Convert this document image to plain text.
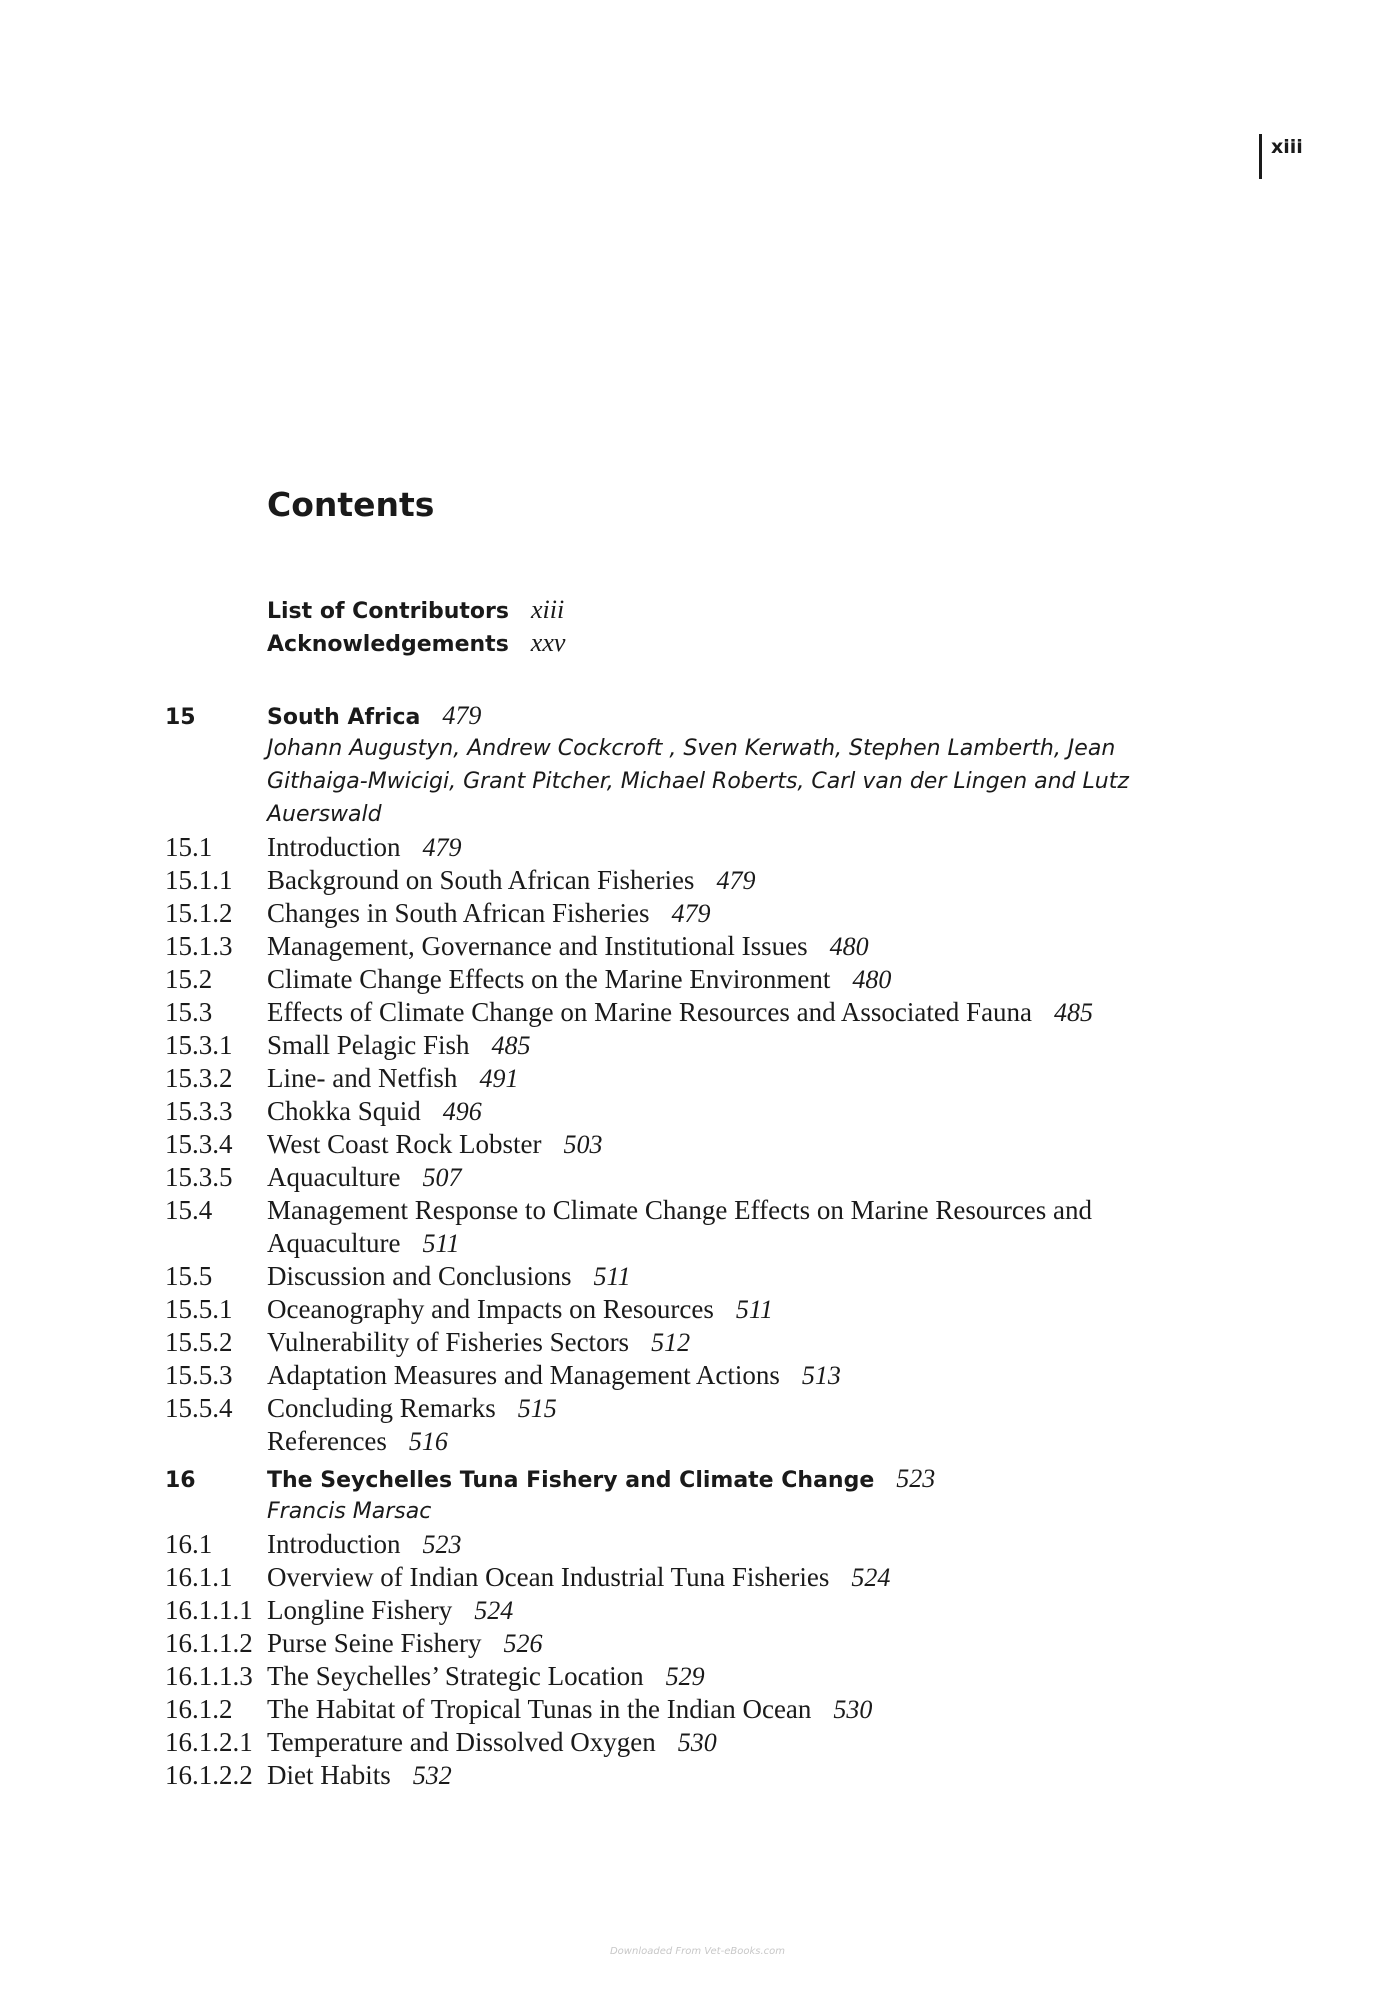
xiii
Contents
List of Contributors xiii
Acknowledgements xxv
15	South Africa 479
Johann Augustyn, Andrew Cockcroft , Sven Kerwath, Stephen Lamberth, Jean Githaiga-Mwicigi, Grant Pitcher, Michael Roberts, Carl van der Lingen and Lutz Auerswald
15.1 Introduction 479
15.1.1 Background on South African Fisheries 479
15.1.2 Changes in South African Fisheries 479
15.1.3 Management, Governance and Institutional Issues 480
15.2 Climate Change Effects on the Marine Environment 480
15.3 Effects of Climate Change on Marine Resources and Associated Fauna 485
15.3.1 Small Pelagic Fish 485
15.3.2 Line- and Netfish 491
15.3.3 Chokka Squid 496
15.3.4 West Coast Rock Lobster 503
15.3.5 Aquaculture 507
15.4 Management Response to Climate Change Effects on Marine Resources and Aquaculture 511
15.5 Discussion and Conclusions 511
15.5.1 Oceanography and Impacts on Resources 511
15.5.2 Vulnerability of Fisheries Sectors 512
15.5.3 Adaptation Measures and Management Actions 513
15.5.4 Concluding Remarks 515
References 516
16	The Seychelles Tuna Fishery and Climate Change 523
Francis Marsac
16.1 Introduction 523
16.1.1 Overview of Indian Ocean Industrial Tuna Fisheries 524
16.1.1.1 Longline Fishery 524
16.1.1.2 Purse Seine Fishery 526
16.1.1.3 The Seychelles’ Strategic Location 529
16.1.2 The Habitat of Tropical Tunas in the Indian Ocean 530
16.1.2.1 Temperature and Dissolved Oxygen 530
16.1.2.2 Diet Habits 532
Downloaded From Vet-eBooks.com
